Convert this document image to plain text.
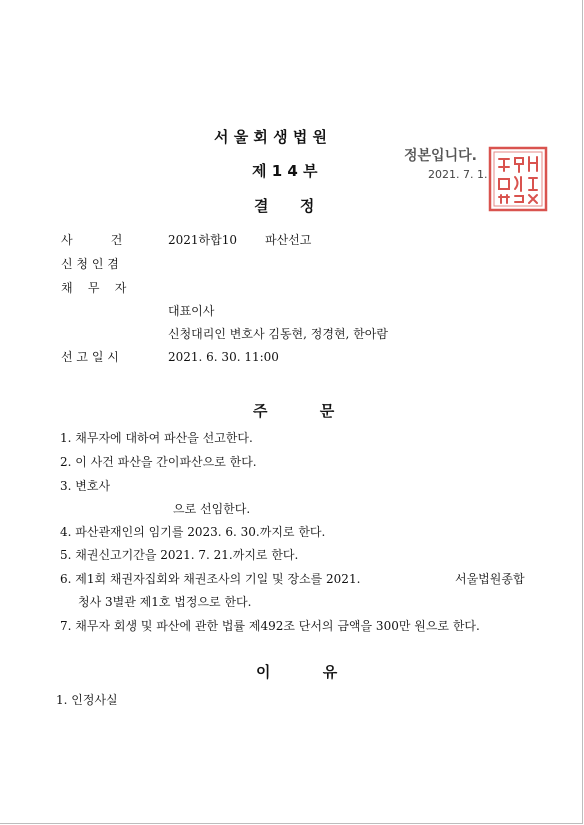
서 울 회 생 법 원
제 1 4 부
결      정
정본입니다.
2021. 7. 1.
사          건	2021하합10 파산선고
신 청 인 겸
채    무    자
대표이사
신청대리인 변호사 김동현, 정경현, 한아람
선 고 일 시	2021. 6. 30. 11:00
주          문
1. 채무자에 대하여 파산을 선고한다.
2. 이 사건 파산을 간이파산으로 한다.
3. 변호사
으로 선임한다.
4. 파산관재인의 임기를 2023. 6. 30.까지로 한다.
5. 채권신고기간을 2021. 7. 21.까지로 한다.
6. 제1회 채권자집회와 채권조사의 기일 및 장소를 2021.	서울법원종합
청사 3별관 제1호 법정으로 한다.
7. 채무자 회생 및 파산에 관한 법률 제492조 단서의 금액을 300만 원으로 한다.
이          유
1. 인정사실
